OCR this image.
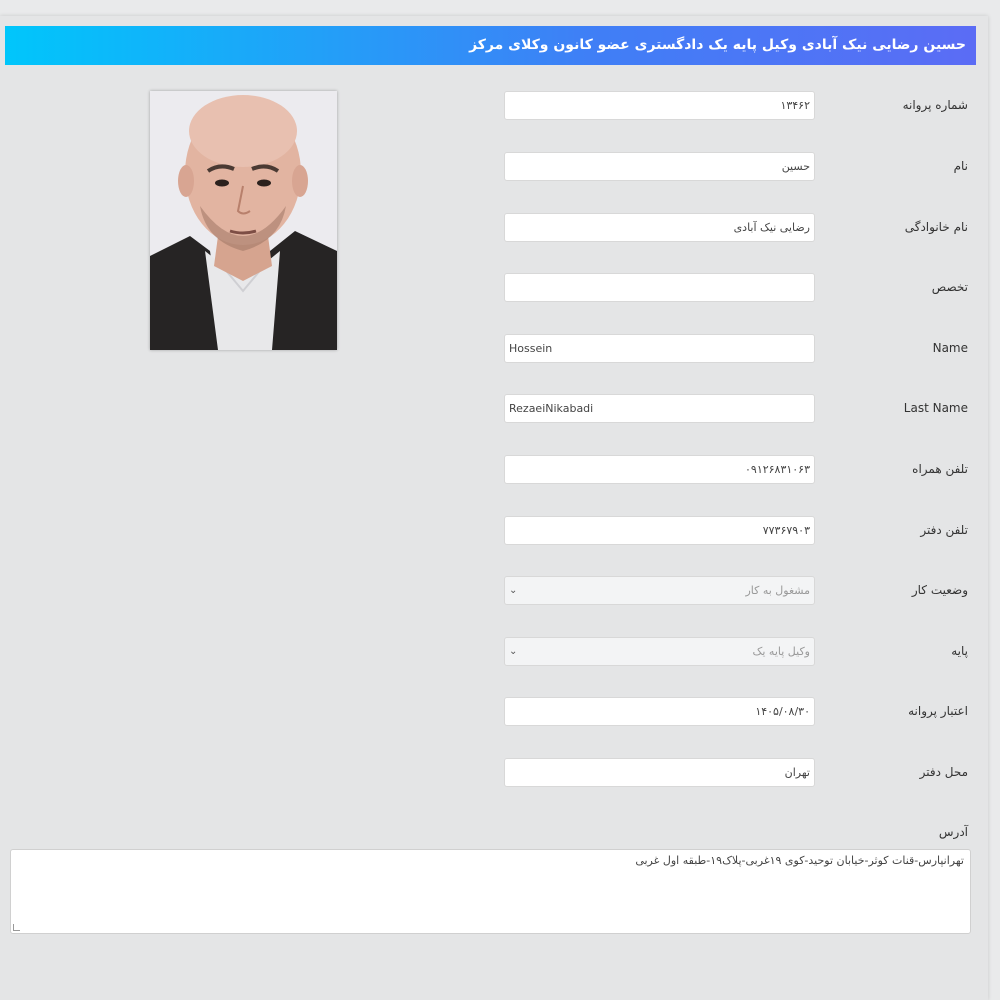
حسین رضایی نیک آبادی وکیل پایه یک دادگستری عضو کانون وکلای مرکز
شماره پروانه
۱۳۴۶۲
نام
حسین
نام خانوادگی
رضایی نیک آبادی
تخصص
Name
Hossein
Last Name
RezaeiNikabadi
تلفن همراه
۰۹۱۲۶۸۳۱۰۶۳
تلفن دفتر
۷۷۳۶۷۹۰۳
وضعیت کار
⌄	مشغول به کار
پایه
⌄	وکیل پایه یک
اعتبار پروانه
۱۴۰۵/۰۸/۳۰
محل دفتر
تهران
آدرس
تهرانپارس-قنات کوثر-خیابان توحید-کوی ۱۹غربی-پلاک۱۹-طبقه اول غربی
